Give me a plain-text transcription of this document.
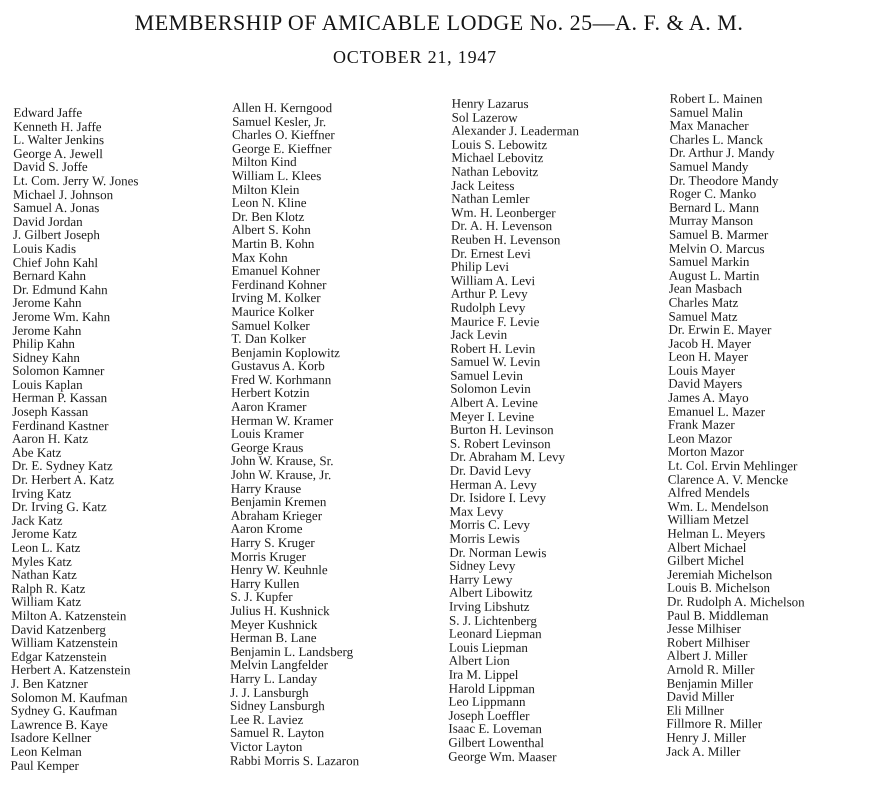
MEMBERSHIP OF AMICABLE LODGE No. 25—A. F. & A. M.
OCTOBER 21, 1947
Edward Jaffe
Kenneth H. Jaffe
L. Walter Jenkins
George A. Jewell
David S. Joffe
Lt. Com. Jerry W. Jones
Michael J. Johnson
Samuel A. Jonas
David Jordan
J. Gilbert Joseph
Louis Kadis
Chief John Kahl
Bernard Kahn
Dr. Edmund Kahn
Jerome Kahn
Jerome Wm. Kahn
Jerome Kahn
Philip Kahn
Sidney Kahn
Solomon Kamner
Louis Kaplan
Herman P. Kassan
Joseph Kassan
Ferdinand Kastner
Aaron H. Katz
Abe Katz
Dr. E. Sydney Katz
Dr. Herbert A. Katz
Irving Katz
Dr. Irving G. Katz
Jack Katz
Jerome Katz
Leon L. Katz
Myles Katz
Nathan Katz
Ralph R. Katz
William Katz
Milton A. Katzenstein
David Katzenberg
William Katzenstein
Edgar Katzenstein
Herbert A. Katzenstein
J. Ben Katzner
Solomon M. Kaufman
Sydney G. Kaufman
Lawrence B. Kaye
Isadore Kellner
Leon Kelman
Paul Kemper
Allen H. Kerngood
Samuel Kesler, Jr.
Charles O. Kieffner
George E. Kieffner
Milton Kind
William L. Klees
Milton Klein
Leon N. Kline
Dr. Ben Klotz
Albert S. Kohn
Martin B. Kohn
Max Kohn
Emanuel Kohner
Ferdinand Kohner
Irving M. Kolker
Maurice Kolker
Samuel Kolker
T. Dan Kolker
Benjamin Koplowitz
Gustavus A. Korb
Fred W. Korhmann
Herbert Kotzin
Aaron Kramer
Herman W. Kramer
Louis Kramer
George Kraus
John W. Krause, Sr.
John W. Krause, Jr.
Harry Krause
Benjamin Kremen
Abraham Krieger
Aaron Krome
Harry S. Kruger
Morris Kruger
Henry W. Keuhnle
Harry Kullen
S. J. Kupfer
Julius H. Kushnick
Meyer Kushnick
Herman B. Lane
Benjamin L. Landsberg
Melvin Langfelder
Harry L. Landay
J. J. Lansburgh
Sidney Lansburgh
Lee R. Laviez
Samuel R. Layton
Victor Layton
Rabbi Morris S. Lazaron
Henry Lazarus
Sol Lazerow
Alexander J. Leaderman
Louis S. Lebowitz
Michael Lebovitz
Nathan Lebovitz
Jack Leitess
Nathan Lemler
Wm. H. Leonberger
Dr. A. H. Levenson
Reuben H. Levenson
Dr. Ernest Levi
Philip Levi
William A. Levi
Arthur P. Levy
Rudolph Levy
Maurice F. Levie
Jack Levin
Robert H. Levin
Samuel W. Levin
Samuel Levin
Solomon Levin
Albert A. Levine
Meyer I. Levine
Burton H. Levinson
S. Robert Levinson
Dr. Abraham M. Levy
Dr. David Levy
Herman A. Levy
Dr. Isidore I. Levy
Max Levy
Morris C. Levy
Morris Lewis
Dr. Norman Lewis
Sidney Levy
Harry Lewy
Albert Libowitz
Irving Libshutz
S. J. Lichtenberg
Leonard Liepman
Louis Liepman
Albert Lion
Ira M. Lippel
Harold Lippman
Leo Lippmann
Joseph Loeffler
Isaac E. Loveman
Gilbert Lowenthal
George Wm. Maaser
Robert L. Mainen
Samuel Malin
Max Manacher
Charles L. Manck
Dr. Arthur J. Mandy
Samuel Mandy
Dr. Theodore Mandy
Roger C. Manko
Bernard L. Mann
Murray Manson
Samuel B. Marmer
Melvin O. Marcus
Samuel Markin
August L. Martin
Jean Masbach
Charles Matz
Samuel Matz
Dr. Erwin E. Mayer
Jacob H. Mayer
Leon H. Mayer
Louis Mayer
David Mayers
James A. Mayo
Emanuel L. Mazer
Frank Mazer
Leon Mazor
Morton Mazor
Lt. Col. Ervin Mehlinger
Clarence A. V. Mencke
Alfred Mendels
Wm. L. Mendelson
William Metzel
Helman L. Meyers
Albert Michael
Gilbert Michel
Jeremiah Michelson
Louis B. Michelson
Dr. Rudolph A. Michelson
Paul B. Middleman
Jesse Milhiser
Robert Milhiser
Albert J. Miller
Arnold R. Miller
Benjamin Miller
David Miller
Eli Millner
Fillmore R. Miller
Henry J. Miller
Jack A. Miller
